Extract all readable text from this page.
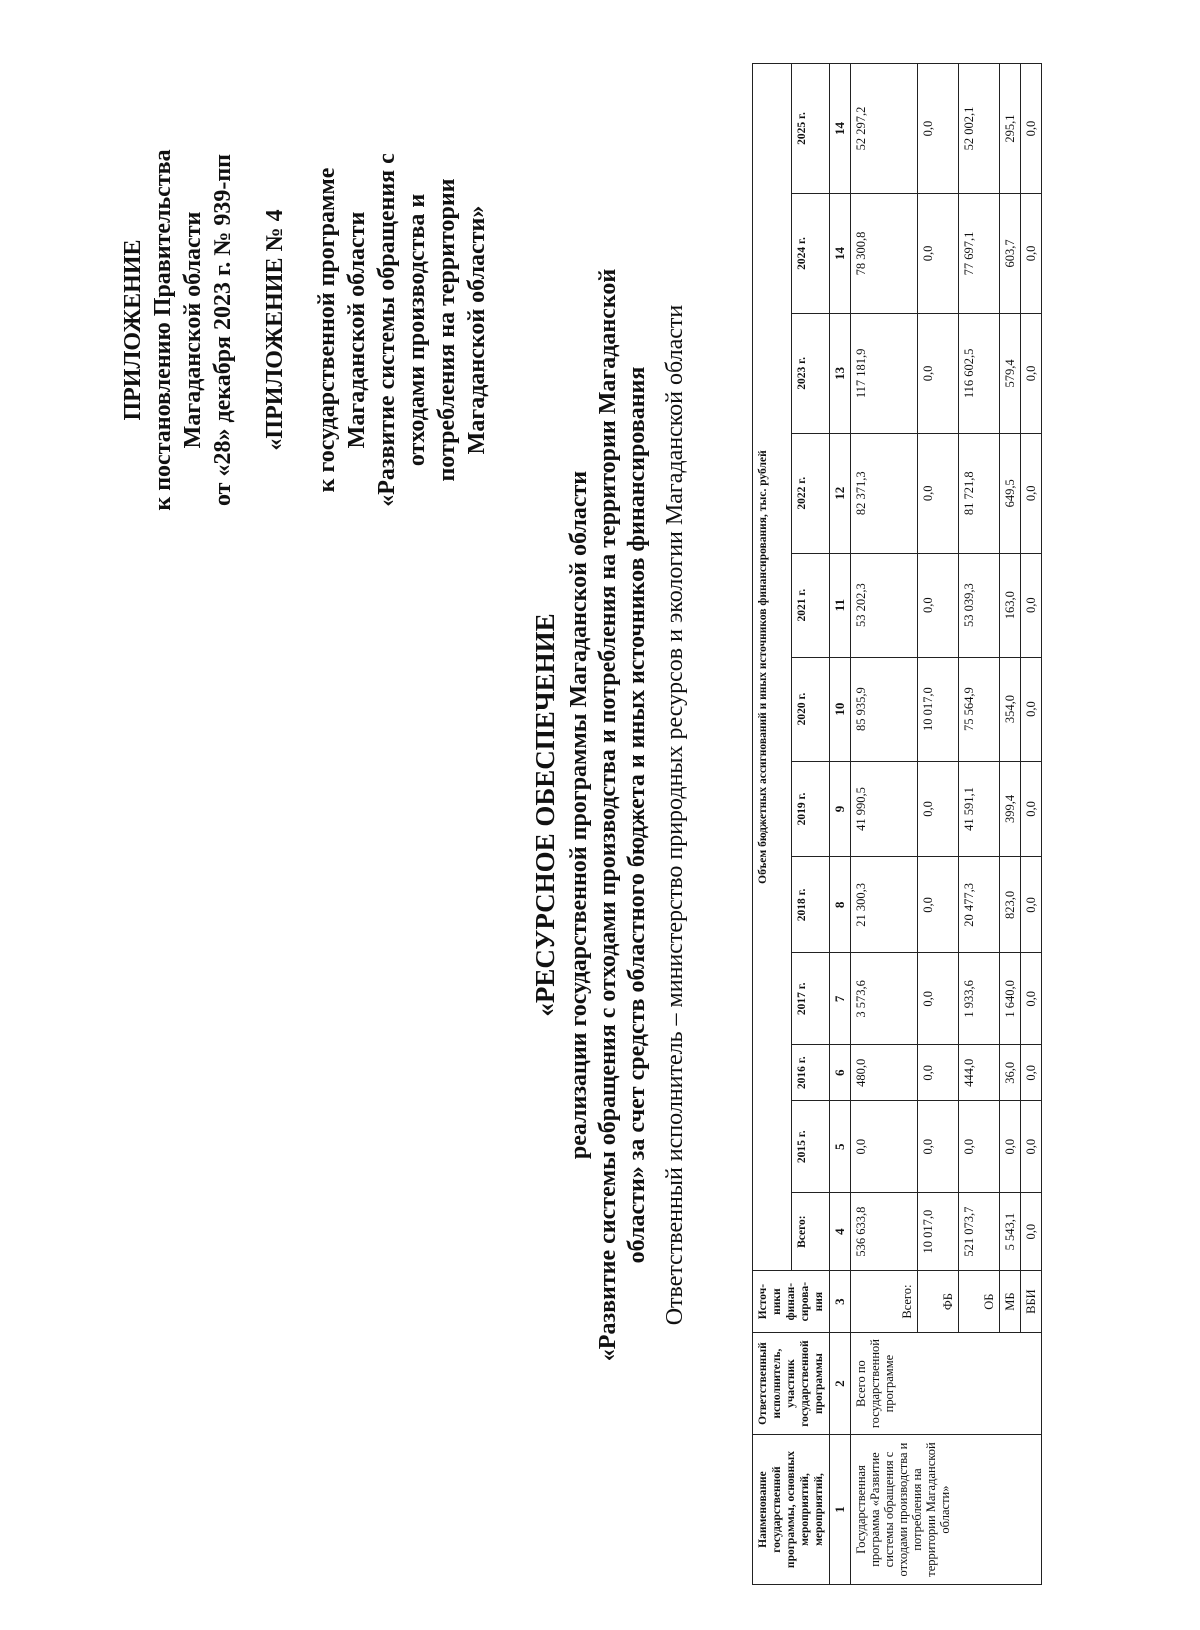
ПРИЛОЖЕНИЕ к постановлению Правительства Магаданской области от «28» декабря 2023 г. № 939-пп «ПРИЛОЖЕНИЕ № 4 к государственной программе Магаданской области «Развитие системы обращения с отходами производства и потребления на территории Магаданской области»
«РЕСУРСНОЕ ОБЕСПЕЧЕНИЕ реализации государственной программы Магаданской области «Развитие системы обращения с отходами производства и потребления на территории Магаданской области» за счет средств областного бюджета и иных источников финансирования Ответственный исполнитель – министерство природных ресурсов и экологии Магаданской области
Наименование государственной программы, основных мероприятий, мероприятий,	Ответственный исполнитель, участник государственной программы	Источ-ники финан-сирова-ния	Объем бюджетных ассигнований и иных источников финансирования, тыс. рублей											
			Всего:	2015 г.	2016 г.	2017 г.	2018 г.	2019 г.	2020 г.	2021 г.	2022 г.	2023 г.	2024 г.	2025 г.
1	2	3	4	5	6	7	8	9	10	11	12	13	14	14
Государственная программа «Развитие системы обращения с отходами производства и потребления на территории Магаданской области»	Всего по государственной программе	Всего:	536 633,8	0,0	480,0	3 573,6	21 300,3	41 990,5	85 935,9	53 202,3	82 371,3	117 181,9	78 300,8	52 297,2
		ФБ	10 017,0	0,0	0,0	0,0	0,0	0,0	10 017,0	0,0	0,0	0,0	0,0	0,0
		ОБ	521 073,7	0,0	444,0	1 933,6	20 477,3	41 591,1	75 564,9	53 039,3	81 721,8	116 602,5	77 697,1	52 002,1
		МБ	5 543,1	0,0	36,0	1 640,0	823,0	399,4	354,0	163,0	649,5	579,4	603,7	295,1
		ВБИ	0,0	0,0	0,0	0,0	0,0	0,0	0,0	0,0	0,0	0,0	0,0	0,0
